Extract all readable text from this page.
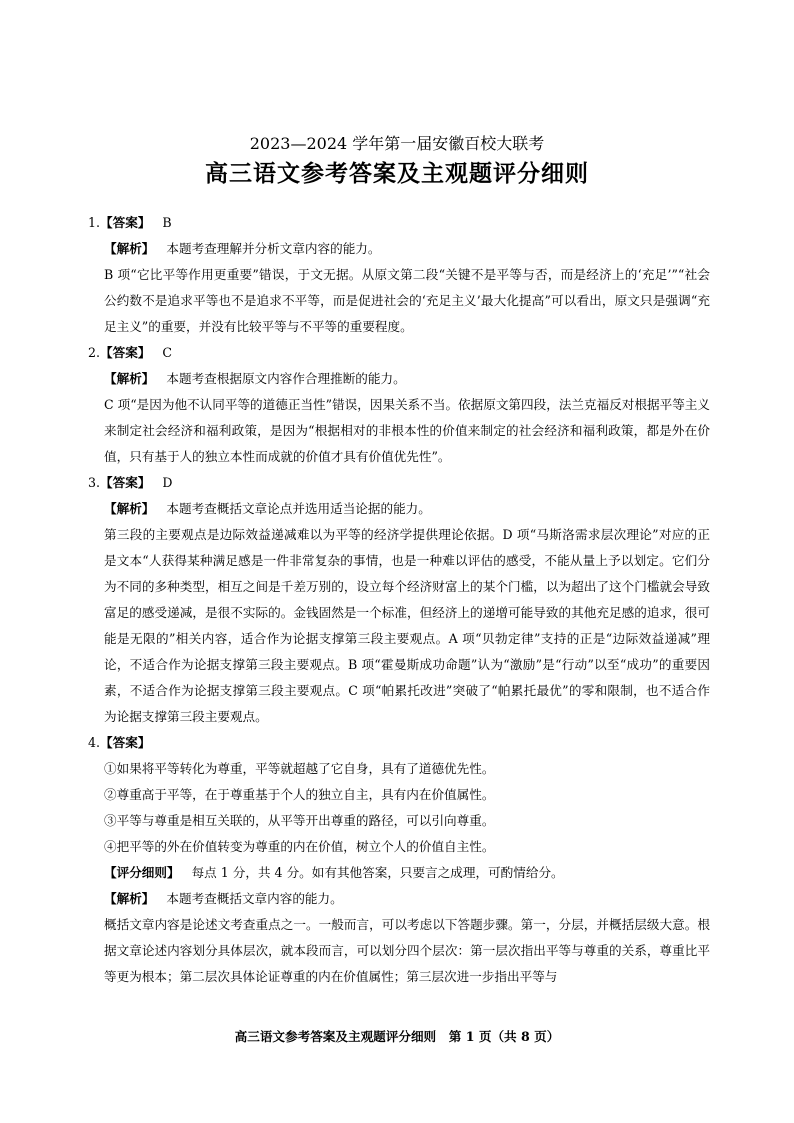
2023—2024 学年第一届安徽百校大联考
高三语文参考答案及主观题评分细则
1.【答案】 B

【解析】 本题考查理解并分析文章内容的能力。

B 项“它比平等作用更重要”错误，于文无据。从原文第二段“关键不是平等与否，而是经济上的‘充足’”“社会公约数不是追求平等也不是追求不平等，而是促进社会的‘充足主义’最大化提高”可以看出，原文只是强调“充足主义”的重要，并没有比较平等与不平等的重要程度。

2.【答案】 C

【解析】 本题考查根据原文内容作合理推断的能力。

C 项“是因为他不认同平等的道德正当性”错误，因果关系不当。依据原文第四段，法兰克福反对根据平等主义来制定社会经济和福利政策，是因为“根据相对的非根本性的价值来制定的社会经济和福利政策，都是外在价值，只有基于人的独立本性而成就的价值才具有价值优先性”。

3.【答案】 D

【解析】 本题考查概括文章论点并选用适当论据的能力。

第三段的主要观点是边际效益递减难以为平等的经济学提供理论依据。D 项“马斯洛需求层次理论”对应的正是文本“人获得某种满足感是一件非常复杂的事情，也是一种难以评估的感受，不能从量上予以划定。它们分为不同的多种类型，相互之间是千差万别的，设立每个经济财富上的某个门槛，以为超出了这个门槛就会导致富足的感受递减，是很不实际的。金钱固然是一个标准，但经济上的递增可能导致的其他充足感的追求，很可能是无限的”相关内容，适合作为论据支撑第三段主要观点。A 项“贝勃定律”支持的正是“边际效益递减”理论，不适合作为论据支撑第三段主要观点。B 项“霍曼斯成功命题”认为“激励”是“行动”以至“成功”的重要因素，不适合作为论据支撑第三段主要观点。C 项“帕累托改进”突破了“帕累托最优”的零和限制，也不适合作为论据支撑第三段主要观点。

4.【答案】

①如果将平等转化为尊重，平等就超越了它自身，具有了道德优先性。

②尊重高于平等，在于尊重基于个人的独立自主，具有内在价值属性。

③平等与尊重是相互关联的，从平等开出尊重的路径，可以引向尊重。

④把平等的外在价值转变为尊重的内在价值，树立个人的价值自主性。

【评分细则】 每点 1 分，共 4 分。如有其他答案，只要言之成理，可酌情给分。

【解析】 本题考查概括文章内容的能力。

概括文章内容是论述文考查重点之一。一般而言，可以考虑以下答题步骤。第一，分层，并概括层级大意。根据文章论述内容划分具体层次，就本段而言，可以划分四个层次：第一层次指出平等与尊重的关系，尊重比平等更为根本；第二层次具体论证尊重的内在价值属性；第三层次进一步指出平等与

高三语文参考答案及主观题评分细则　第 1 页（共 8 页）
